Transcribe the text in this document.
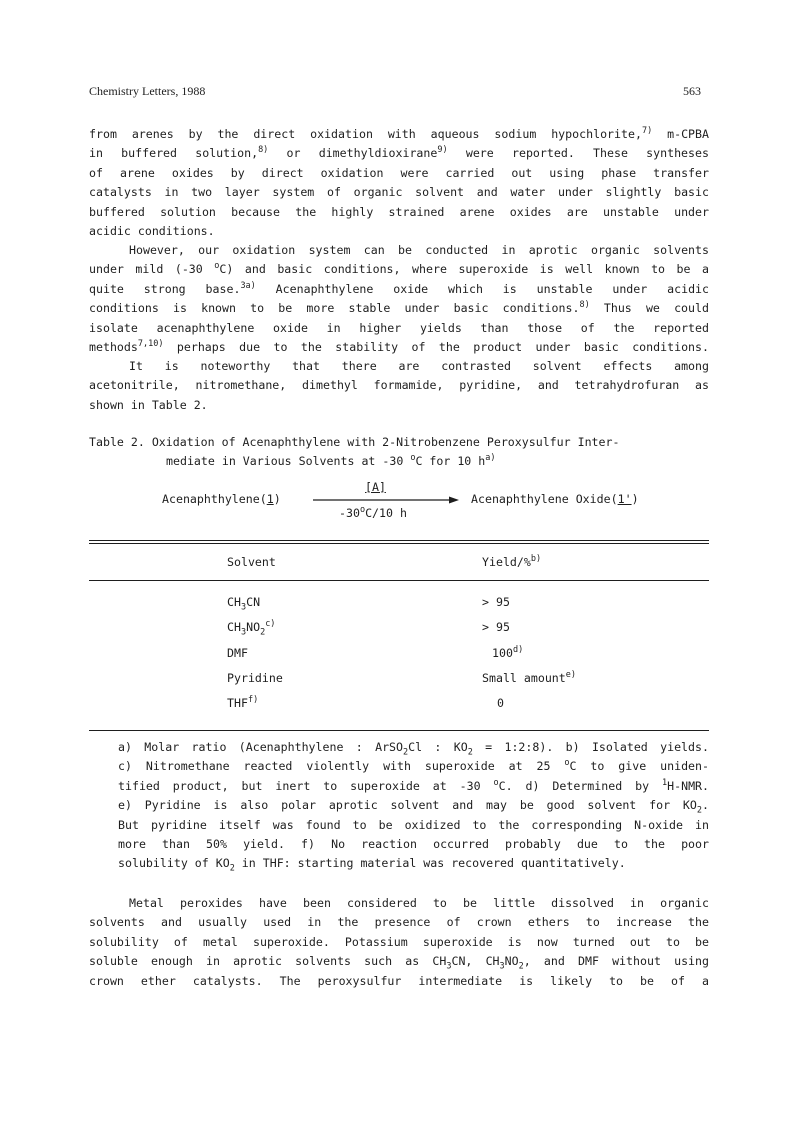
Chemistry Letters, 1988	563
from arenes by the direct oxidation with aqueous sodium hypochlorite,$^{7)}$ m-CPBA
in buffered solution,$^{8)}$ or dimethyldioxirane$^{9)}$ were reported. These syntheses
of arene oxides by direct oxidation were carried out using phase transfer
catalysts in two layer system of organic solvent and water under slightly basic
buffered solution because the highly strained arene oxides are unstable under
acidic conditions.
However, our oxidation system can be conducted in aprotic organic solvents
under mild (-30 $^o$C) and basic conditions, where superoxide is well known to be a
quite strong base.$^{3a)}$ Acenaphthylene oxide which is unstable under acidic
conditions is known to be more stable under basic conditions.$^{8)}$ Thus we could
isolate acenaphthylene oxide in higher yields than those of the reported
methods$^{7,10)}$ perhaps due to the stability of the product under basic conditions.
It is noteworthy that there are contrasted solvent effects among
acetonitrile, nitromethane, dimethyl formamide, pyridine, and tetrahydrofuran as
shown in Table 2.
Table 2. Oxidation of Acenaphthylene with 2-Nitrobenzene Peroxysulfur Inter-
mediate in Various Solvents at -30 $^o$C for 10 $h^{a)}$
Acenaphthylene(1)
[A]
-30$^o$C/10 h
Acenaphthylene Oxide(1')
Solvent	Yield/%$^{b)}$
$CH_3CN$	> 95
$CH_3NO_2^{c)}$	> 95
DMF	100$^{d)}$
Pyridine	Small amount$^{e)}$
THF$^{f)}$	0
a) Molar ratio (Acenaphthylene : ArSO$_2$Cl : $KO_2$ = 1:2:8). b) Isolated yields.
c) Nitromethane reacted violently with superoxide at 25 $^o$C to give uniden-
tified product, but inert to superoxide at -30 $^o$C. d) Determined by $^1$H-NMR.
e) Pyridine is also polar aprotic solvent and may be good solvent for $KO_2$.
But pyridine itself was found to be oxidized to the corresponding N-oxide in
more than 50% yield. f) No reaction occurred probably due to the poor
solubility of $KO_2$ in THF: starting material was recovered quantitatively.
Metal peroxides have been considered to be little dissolved in organic
solvents and usually used in the presence of crown ethers to increase the
solubility of metal superoxide. Potassium superoxide is now turned out to be
soluble enough in aprotic solvents such as $CH_3CN$, $CH_3NO_2$, and DMF without using
crown ether catalysts. The peroxysulfur intermediate is likely to be of a
